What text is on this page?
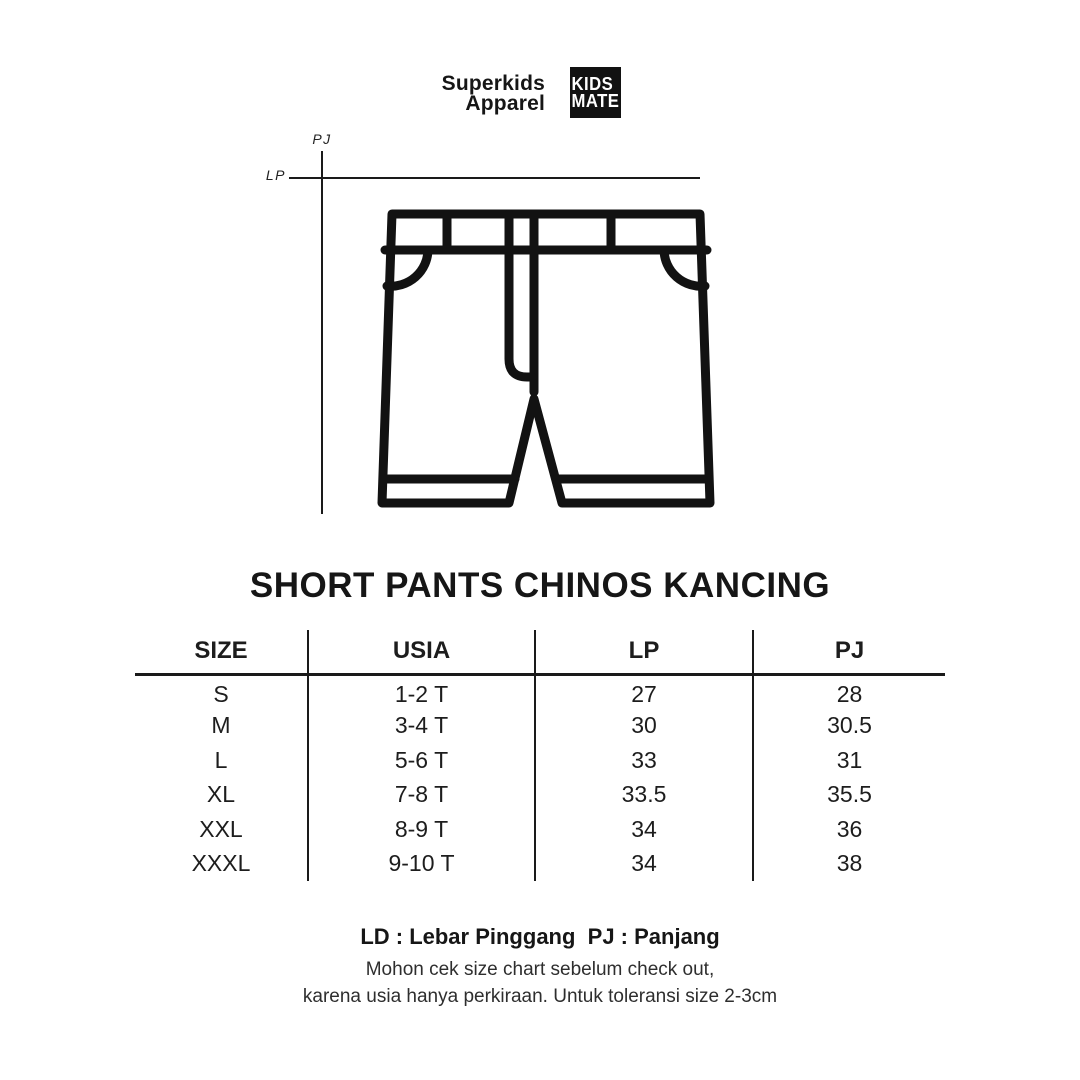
Superkids
Apparel
KIDS
MATE
PJ
LP
SHORT PANTS CHINOS KANCING
SIZE	USIA	LP	PJ
S	1-2 T	27	28
M	3-4 T	30	30.5
L	5-6 T	33	31
XL	7-8 T	33.5	35.5
XXL	8-9 T	34	36
XXXL	9-10 T	34	38
LD : Lebar Pinggang  PJ : Panjang
Mohon cek size chart sebelum check out,
karena usia hanya perkiraan. Untuk toleransi size 2-3cm
